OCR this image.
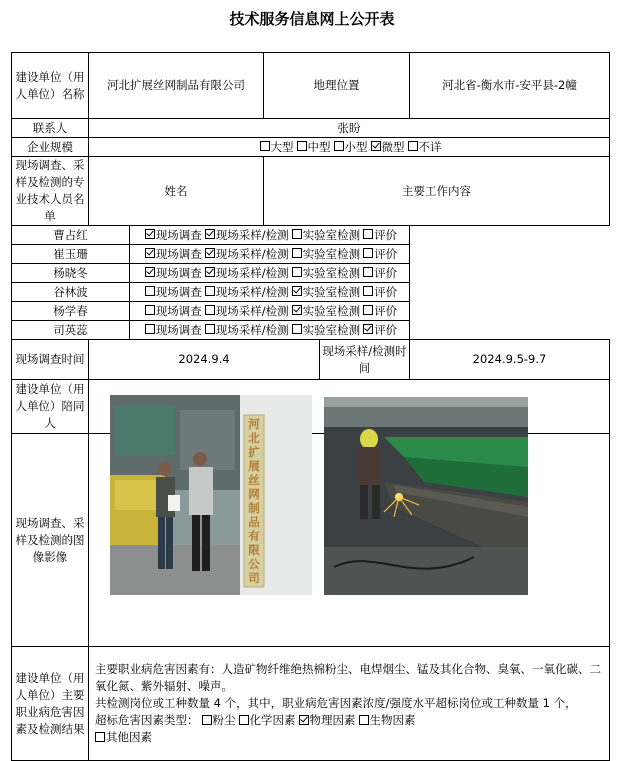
技术服务信息网上公开表
建设单位（用人单位）名称	河北扩展丝网制品有限公司		地理位置		河北省-衡水市-安平县-2幢
联系人	张盼				
企业规模	大型 中型 小型 微型 不详				
现场调查、采样及检测的专业技术人员名单	姓名		主要工作内容		
曹占红		现场调查 现场采样/检测 实验室检测 评价			
崔玉珊		现场调查 现场采样/检测 实验室检测 评价			
杨晓冬		现场调查 现场采样/检测 实验室检测 评价			
谷林波		现场调查 现场采样/检测 实验室检测 评价			
杨学春		现场调查 现场采样/检测 实验室检测 评价			
司英蕊		现场调查 现场采样/检测 实验室检测 评价			
现场调查时间	2024.9.4			现场采样/检测时间	2024.9.5-9.7
建设单位（用人单位）陪同人	
现场调查、采样及检测的图像影像					
建设单位（用人单位）主要职业病危害因素及检测结果	主要职业病危害因素有：人造矿物纤维绝热棉粉尘、电焊烟尘、锰及其化合物、臭氧、一氧化碳、二氧化氮、紫外辐射、噪声。
共检测岗位或工种数量 4 个，其中，职业病危害因素浓度/强度水平超标岗位或工种数量 1 个，
超标危害因素类型： 粉尘 化学因素 物理因素 生物因素
其他因素				
河北扩展丝网制品有限公司
